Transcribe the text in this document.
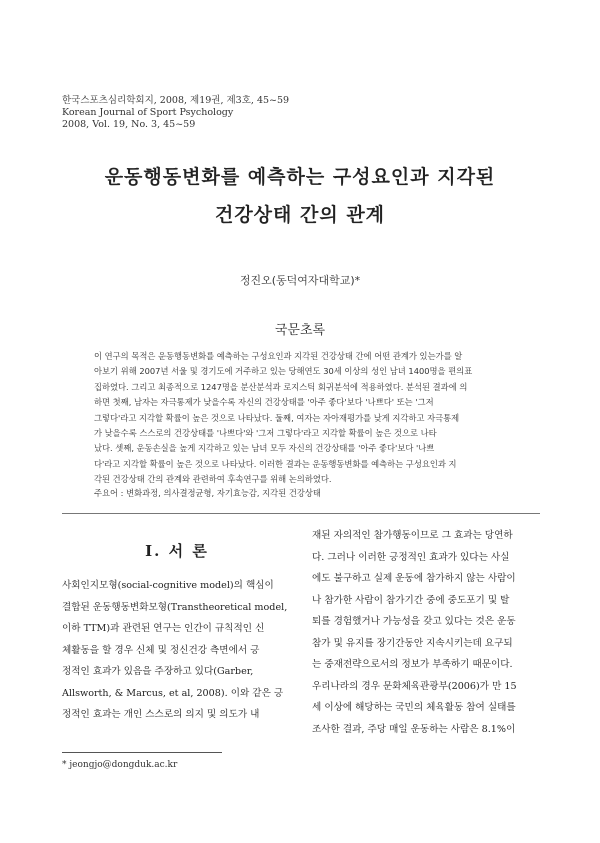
한국스포츠심리학회지, 2008, 제19권, 제3호, 45~59
Korean Journal of Sport Psychology
2008, Vol. 19, No. 3, 45~59
운동행동변화를 예측하는 구성요인과 지각된
건강상태 간의 관계
정진오(동덕여자대학교)*
국문초록
이 연구의 목적은 운동행동변화를 예측하는 구성요인과 지각된 건강상태 간에 어떤 관계가 있는가를 알
아보기 위해 2007년 서울 및 경기도에 거주하고 있는 당해연도 30세 이상의 성인 남녀 1400명을 편의표
집하였다. 그리고 최종적으로 1247명을 분산분석과 로지스틱 회귀분석에 적용하였다. 분석된 결과에 의
하면 첫째, 남자는 자극통제가 낮을수록 자신의 건강상태를 '아주 좋다'보다 '나쁘다' 또는 '그저
그렇다'라고 지각할 확률이 높은 것으로 나타났다. 둘째, 여자는 자아재평가를 낮게 지각하고 자극통제
가 낮을수록 스스로의 건강상태를 '나쁘다'와 '그저 그렇다'라고 지각할 확률이 높은 것으로 나타
났다. 셋째, 운동손실을 높게 지각하고 있는 남녀 모두 자신의 건강상태를 '아주 좋다'보다 '나쁘
다'라고 지각할 확률이 높은 것으로 나타났다. 이러한 결과는 운동행동변화를 예측하는 구성요인과 지
각된 건강상태 간의 관계와 관련하여 후속연구를 위해 논의하였다.
주요어 : 변화과정, 의사결정균형, 자기효능감, 지각된 건강상태
I. 서 론
사회인지모형(social-cognitive model)의 핵심이
결합된 운동행동변화모형(Transtheoretical model,
이하 TTM)과 관련된 연구는 인간이 규칙적인 신
체활동을 할 경우 신체 및 정신건강 측면에서 긍
정적인 효과가 있음을 주장하고 있다(Garber,
Allsworth, & Marcus, et al, 2008). 이와 같은 긍
정적인 효과는 개인 스스로의 의지 및 의도가 내
재된 자의적인 참가행동이므로 그 효과는 당연하
다. 그러나 이러한 긍정적인 효과가 있다는 사실
에도 불구하고 실제 운동에 참가하지 않는 사람이
나 참가한 사람이 참가기간 중에 중도포기 및 탈
퇴를 경험했거나 가능성을 갖고 있다는 것은 운동
참가 및 유지를 장기간동안 지속시키는데 요구되
는 중재전략으로서의 정보가 부족하기 때문이다.
우리나라의 경우 문화체육관광부(2006)가 만 15
세 이상에 해당하는 국민의 체육활동 참여 실태를
조사한 결과, 주당 매일 운동하는 사람은 8.1%이
* jeongjo@dongduk.ac.kr
